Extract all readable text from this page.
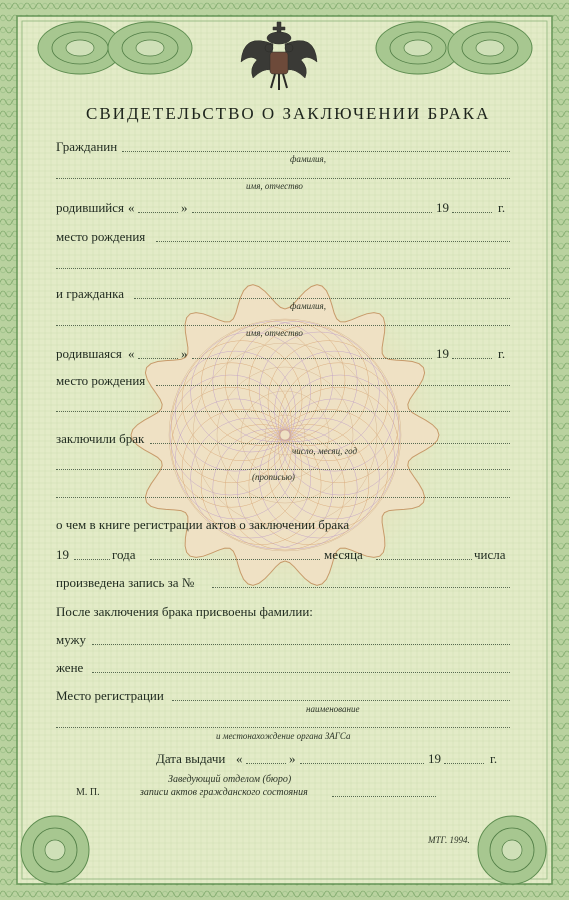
СВИДЕТЕЛЬСТВО О ЗАКЛЮЧЕНИИ БРАКА
Гражданин
фамилия,
имя, отчество
родившийся «	»	19	г.
место рождения
и гражданка
фамилия,
имя, отчество
родившаяся «	»	19	г.
место рождения
заключили брак
число, месяц, год
(прописью)
о чем в книге регистрации актов о заключении брака
19	года	месяца	числа
произведена запись за №
После заключения брака присвоены фамилии:
мужу
жене
Место регистрации
наименование
и местонахождение органа ЗАГСа
Дата выдачи «	»	19	г.
Заведующий отделом (бюро)
записи актов гражданского состояния
М. П.
МТГ. 1994.
